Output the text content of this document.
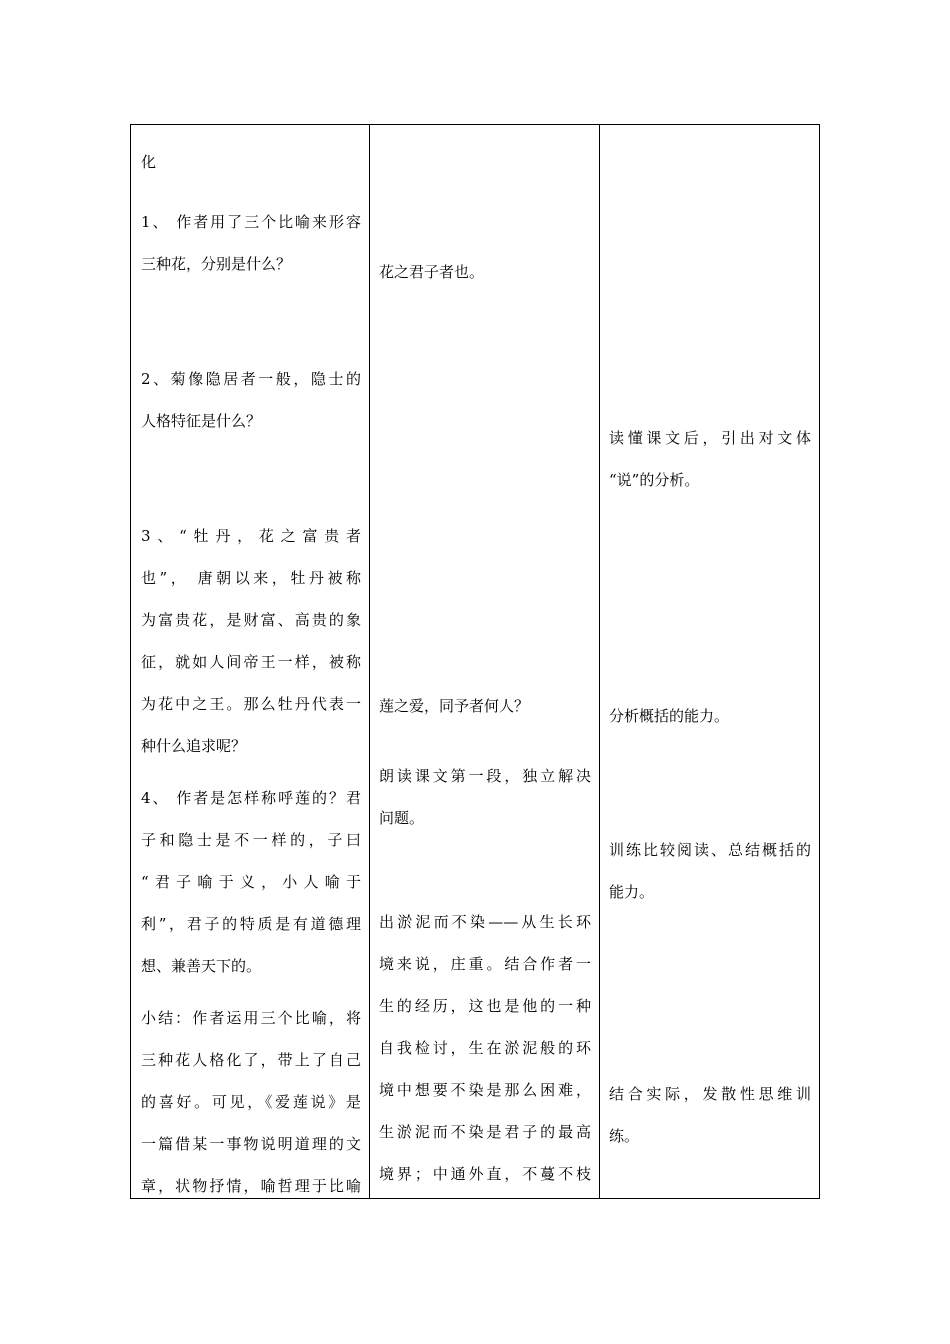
化

1、 作者用了三个比喻来形容

三种花，分别是什么？

2、菊像隐居者一般，隐士的

人格特征是什么？

3、“牡丹，花之富贵者

也”， 唐朝以来，牡丹被称

为富贵花，是财富、高贵的象

征，就如人间帝王一样，被称

为花中之王。那么牡丹代表一

种什么追求呢？

4、 作者是怎样称呼莲的？君

子和隐士是不一样的，子曰

“君子喻于义，小人喻于

利”，君子的特质是有道德理

想、兼善天下的。

小结：作者运用三个比喻，将

三种花人格化了，带上了自己

的喜好。可见，《爱莲说》是

一篇借某一事物说明道理的文

章，状物抒情，喻哲理于比喻

花之君子者也。

莲之爱，同予者何人？

朗读课文第一段，独立解决

问题。

出淤泥而不染——从生长环

境来说，庄重。结合作者一

生的经历，这也是他的一种

自我检讨，生在淤泥般的环

境中想要不染是那么困难，

生淤泥而不染是君子的最高

境界；中通外直，不蔓不枝

读懂课文后，引出对文体

“说”的分析。

分析概括的能力。

训练比较阅读、总结概括的

能力。

结合实际，发散性思维训

练。
